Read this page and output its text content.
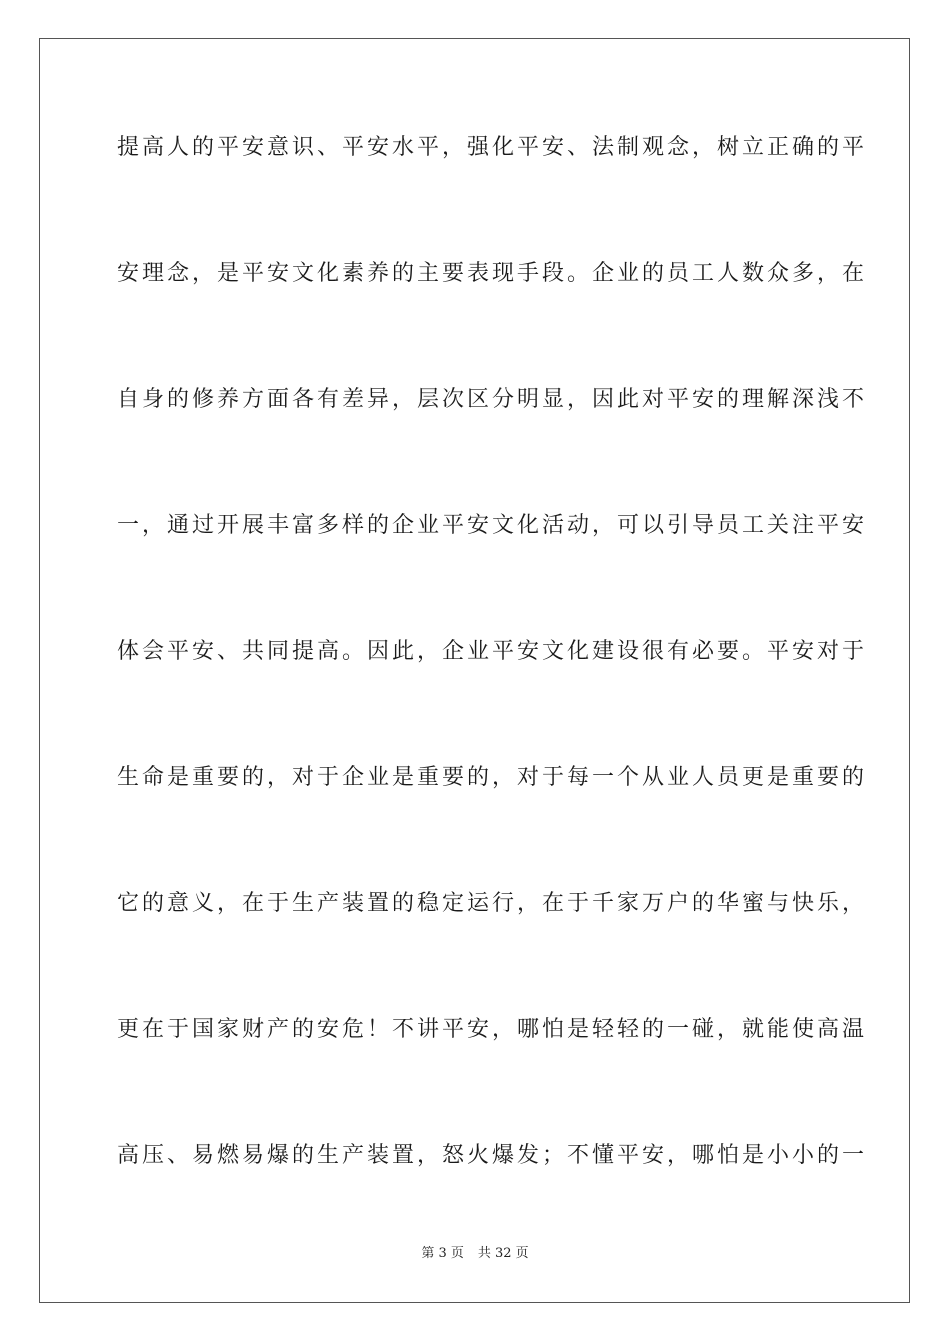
提高人的平安意识、平安水平，强化平安、法制观念，树立正确的平
安理念，是平安文化素养的主要表现手段。企业的员工人数众多，在
自身的修养方面各有差异，层次区分明显，因此对平安的理解深浅不
一，通过开展丰富多样的企业平安文化活动，可以引导员工关注平安
体会平安、共同提高。因此，企业平安文化建设很有必要。平安对于
生命是重要的，对于企业是重要的，对于每一个从业人员更是重要的
它的意义，在于生产装置的稳定运行，在于千家万户的华蜜与快乐，
更在于国家财产的安危！不讲平安，哪怕是轻轻的一碰，就能使高温
高压、易燃易爆的生产装置，怒火爆发；不懂平安，哪怕是小小的一
第 3 页 共 32 页
